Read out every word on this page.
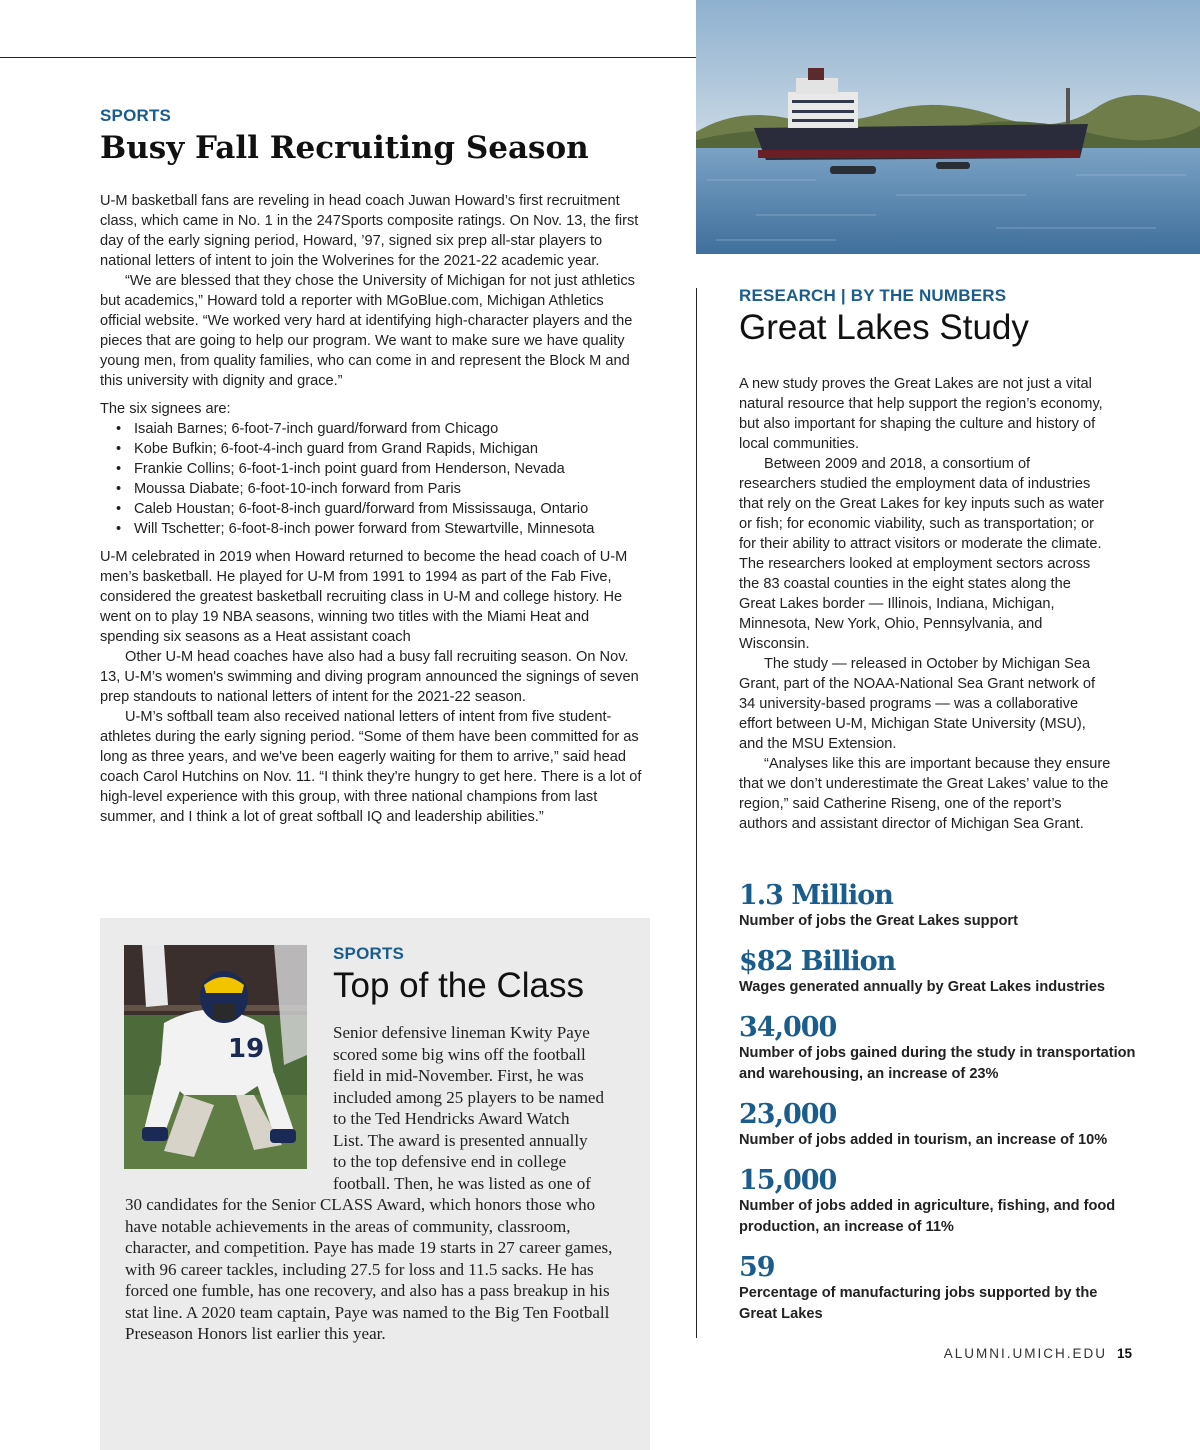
SPORTS
Busy Fall Recruiting Season

U-M basketball fans are reveling in head coach Juwan Howard’s first recruitment class, which came in No. 1 in the 247Sports composite ratings. On Nov. 13, the first day of the early signing period, Howard, ’97, signed six prep all-star players to national letters of intent to join the Wolverines for the 2021-22 academic year.

“We are blessed that they chose the University of Michigan for not just athletics but academics,” Howard told a reporter with MGoBlue.com, Michigan Athletics official website. “We worked very hard at identifying high-character players and the pieces that are going to help our program. We want to make sure we have quality young men, from quality families, who can come in and represent the Block M and this university with dignity and grace.”

The six signees are:

• Isaiah Barnes; 6-foot-7-inch guard/forward from Chicago
• Kobe Bufkin; 6-foot-4-inch guard from Grand Rapids, Michigan
• Frankie Collins; 6-foot-1-inch point guard from Henderson, Nevada
• Moussa Diabate; 6-foot-10-inch forward from Paris
• Caleb Houstan; 6-foot-8-inch guard/forward from Mississauga, Ontario
• Will Tschetter; 6-foot-8-inch power forward from Stewartville, Minnesota

U-M celebrated in 2019 when Howard returned to become the head coach of U-M men’s basketball. He played for U-M from 1991 to 1994 as part of the Fab Five, considered the greatest basketball recruiting class in U-M and college history. He went on to play 19 NBA seasons, winning two titles with the Miami Heat and spending six seasons as a Heat assistant coach

Other U-M head coaches have also had a busy fall recruiting season. On Nov. 13, U-M’s women's swimming and diving program announced the signings of seven prep standouts to national letters of intent for the 2021-22 season.

U-M’s softball team also received national letters of intent from five student-athletes during the early signing period. “Some of them have been committed for as long as three years, and we've been eagerly waiting for them to arrive,” said head coach Carol Hutchins on Nov. 11. “I think they're hungry to get here. There is a lot of high-level experience with this group, with three national champions from last summer, and I think a lot of great softball IQ and leadership abilities.”

19
SPORTS
Top of the Class
Senior defensive lineman Kwity Paye
scored some big wins off the football
field in mid-November. First, he was
included among 25 players to be named
to the Ted Hendricks Award Watch
List. The award is presented annually
to the top defensive end in college
football. Then, he was listed as one of
30 candidates for the Senior CLASS Award, which honors those who have notable achievements in the areas of community, classroom, character, and competition. Paye has made 19 starts in 27 career games, with 96 career tackles, including 27.5 for loss and 11.5 sacks. He has forced one fumble, has one recovery, and also has a pass breakup in his stat line. A 2020 team captain, Paye was named to the Big Ten Football Preseason Honors list earlier this year.
RESEARCH | BY THE NUMBERS
Great Lakes Study

A new study proves the Great Lakes are not just a vital natural resource that help support the region’s economy, but also important for shaping the culture and history of local communities.

Between 2009 and 2018, a consortium of researchers studied the employment data of industries that rely on the Great Lakes for key inputs such as water or fish; for economic viability, such as transportation; or for their ability to attract visitors or moderate the climate. The researchers looked at employment sectors across the 83 coastal counties in the eight states along the Great Lakes border — Illinois, Indiana, Michigan, Minnesota, New York, Ohio, Pennsylvania, and Wisconsin.

The study — released in October by Michigan Sea Grant, part of the NOAA-National Sea Grant network of 34 university-based programs — was a collaborative effort between U-M, Michigan State University (MSU), and the MSU Extension.

“Analyses like this are important because they ensure that we don’t underestimate the Great Lakes’ value to the region,” said Catherine Riseng, one of the report’s authors and assistant director of Michigan Sea Grant.

1.3 Million
Number of jobs the Great Lakes support
$82 Billion
Wages generated annually by Great Lakes industries
34,000
Number of jobs gained during the study in transportation and warehousing, an increase of 23%
23,000
Number of jobs added in tourism, an increase of 10%
15,000
Number of jobs added in agriculture, fishing, and food production, an increase of 11%
59
Percentage of manufacturing jobs supported by the Great Lakes
ALUMNI.UMICH.EDU 15
